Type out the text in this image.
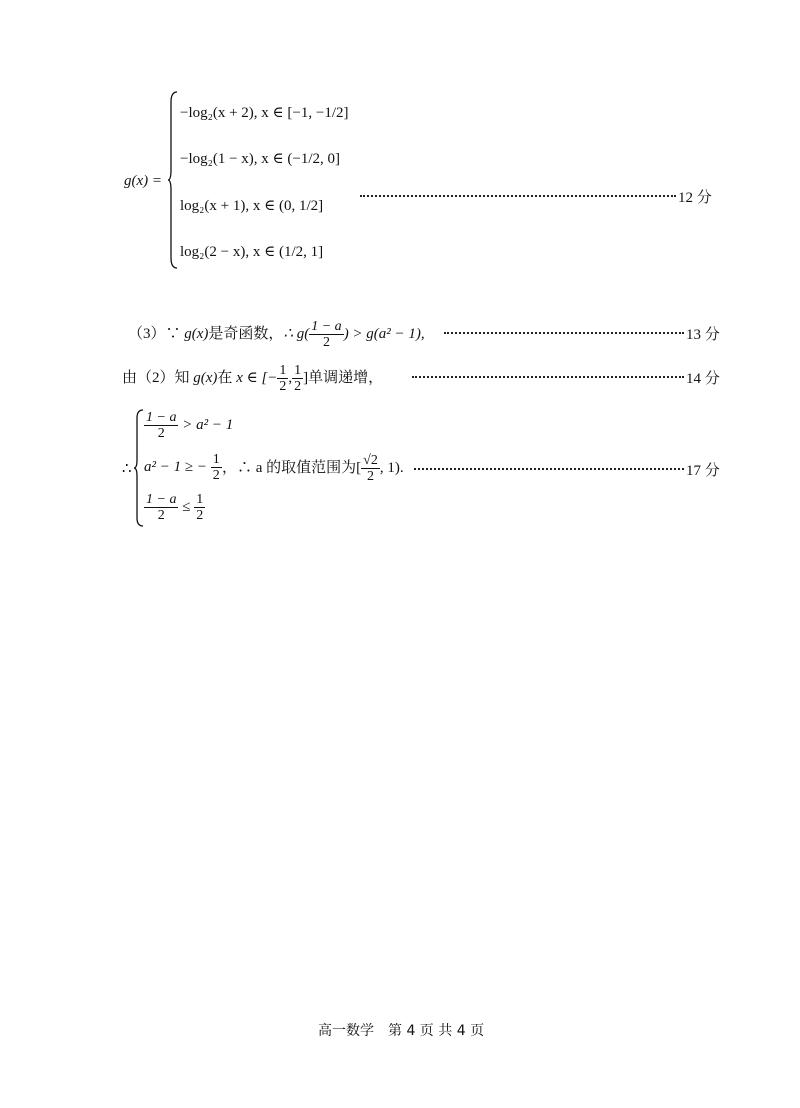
g(x) =
−log₂(x + 2), x ∈ [−1, −1/2]
−log₂(1 − x), x ∈ (−1/2, 0]
log₂(x + 1), x ∈ (0, 1/2]
log₂(2 − x), x ∈ (1/2, 1]
12 分
（3）∵ g(x)是奇函数，∴ $g( \frac{1 - a}{2}$ ) > g(a² − 1),	13 分
由（2）知 g(x)在 x ∈ [− $\frac{1}{2}$ , $\frac{1}{2}$ ]单调递增，	14 分
∴
$\frac{1 - a}{2} > a^2 - 1$
a² − 1 ≥ − $\frac{1}{2}$
$\frac{1 - a}{2} \le \frac{1}{2}$
，∴ a 的取值范围为[ $\frac{√2}{2}$ , 1).	17 分
高一数学　第 4 页 共 4 页
